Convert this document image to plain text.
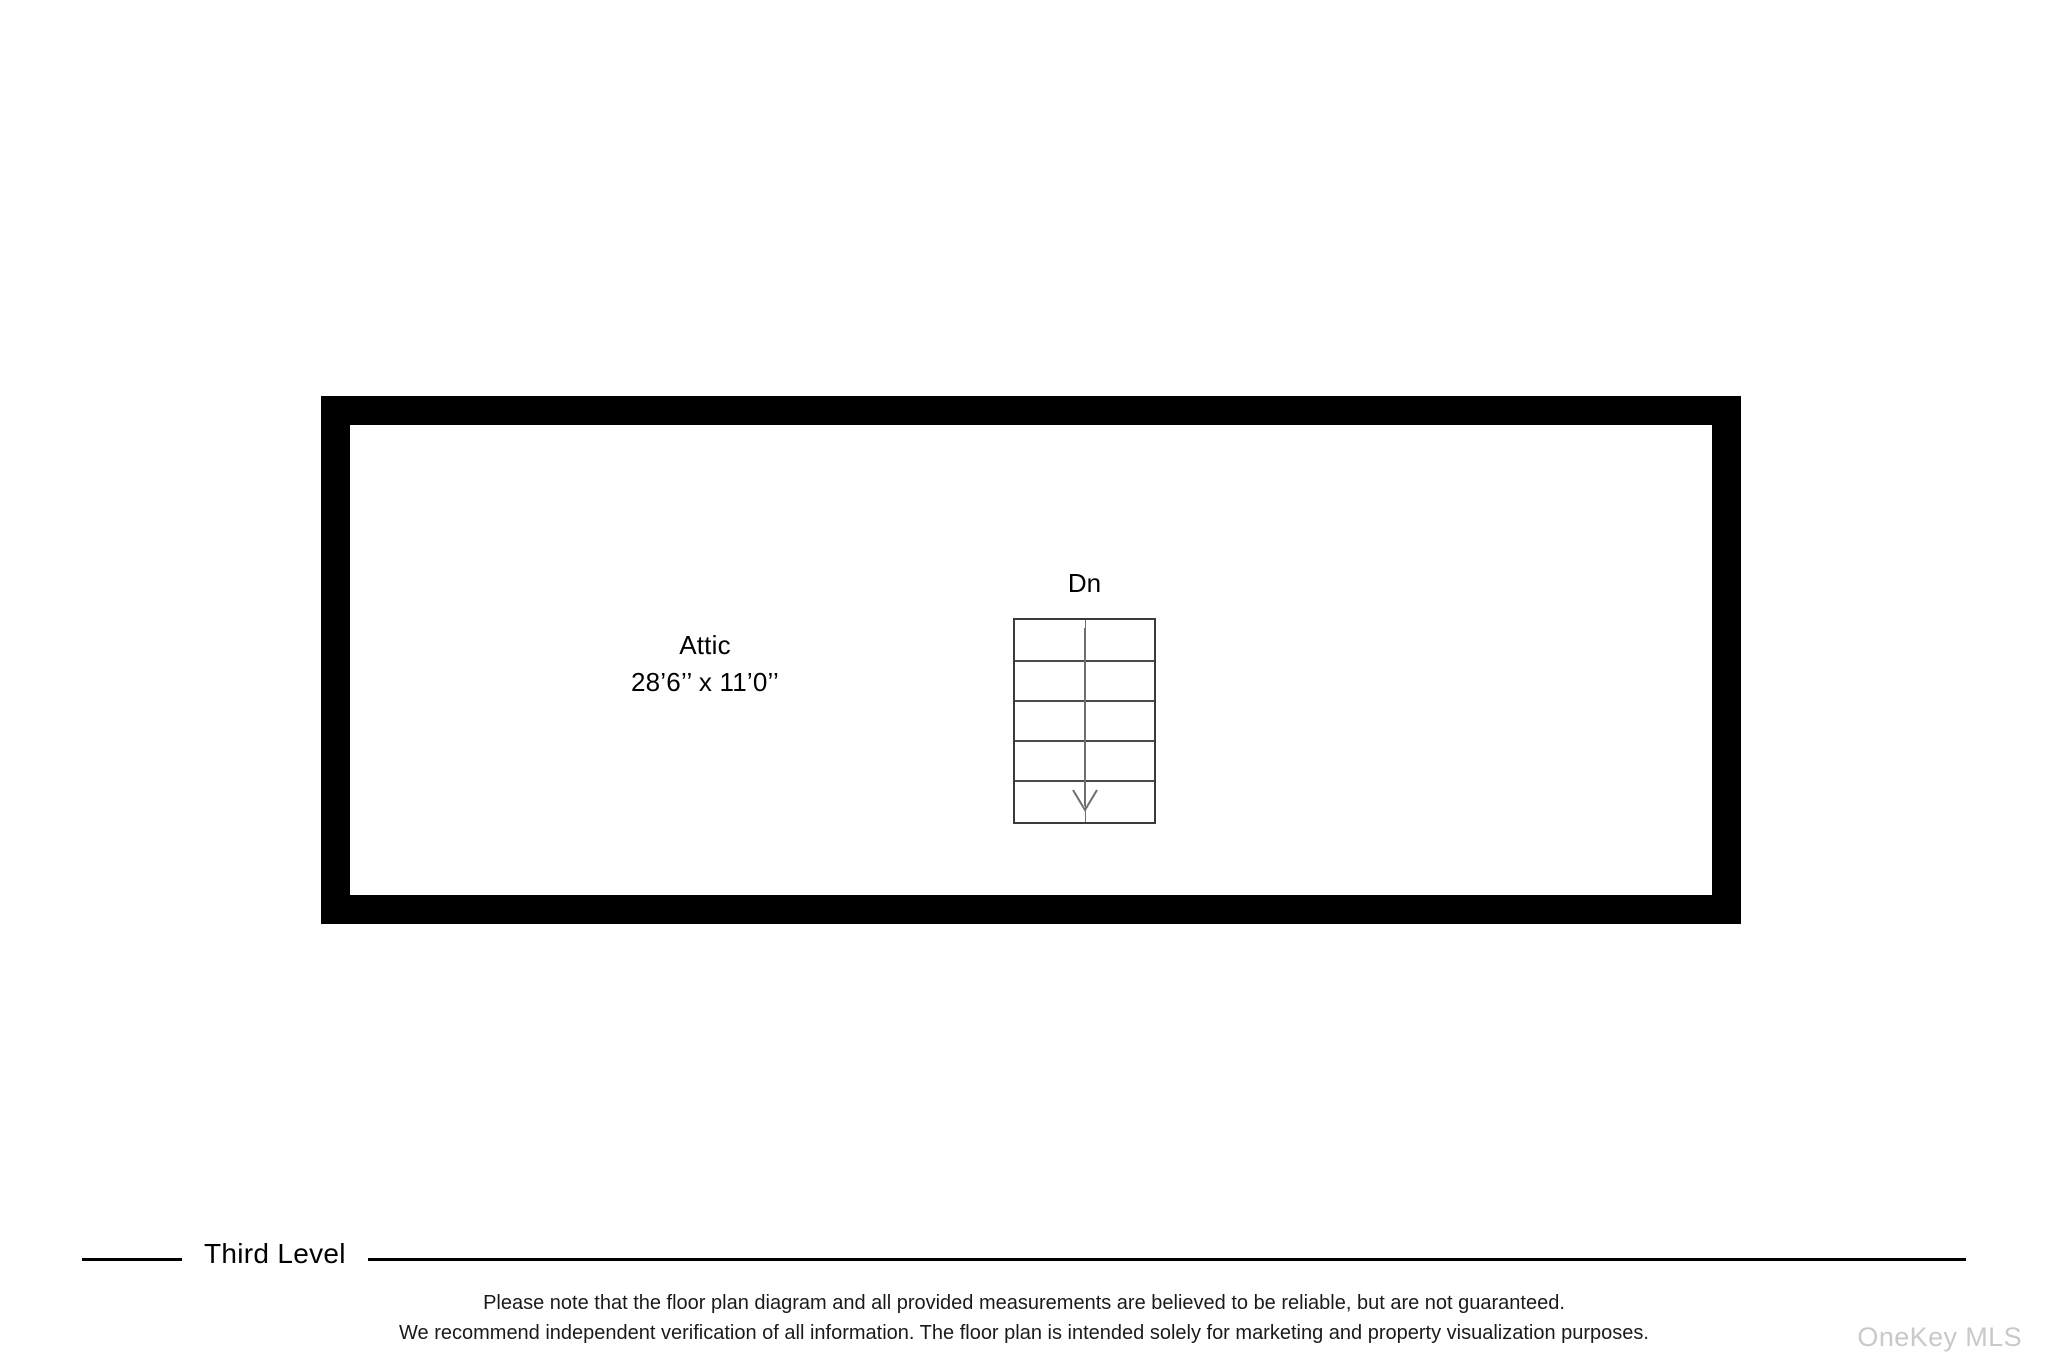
Attic
28’6’’ x 11’0’’
Dn
Third Level
Please note that the floor plan diagram and all provided measurements are believed to be reliable, but are not guaranteed.
We recommend independent verification of all information. The floor plan is intended solely for marketing and property visualization purposes.	OneKey MLS
